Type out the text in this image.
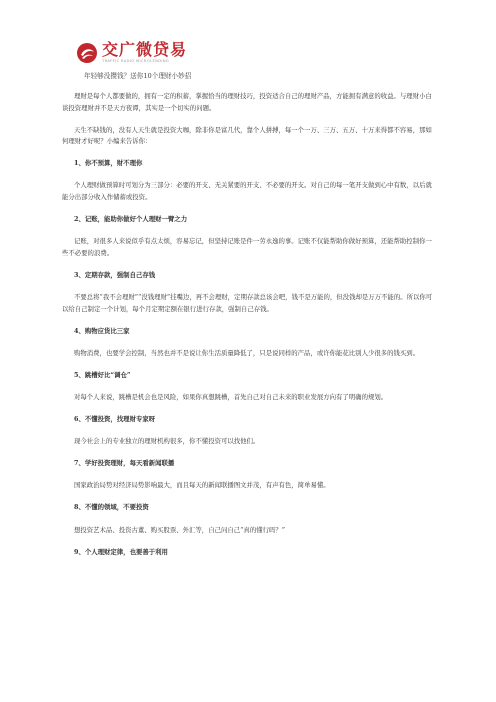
交广微贷易
TRAFFIC RADIO MICROLENDING
年轻够没攒钱？送你10个理财小妙招
理财是每个人都要做的，拥有一定的积蓄，掌握恰当的理财技巧，投资适合自己的理财产品，方能拥有满意的收益。与理财小白谈投资理财并不是天方夜谭，其实是一个切实的问题。
天生不缺钱的，没有人天生就是投资大咖，除非你是富几代，靠个人拼搏，每一个一万、三万、五万、十万来得都不容易，那如何理财才好呢？小编来告诉你：
1、你不预算，财不理你
个人理财做预算时可划分为三部分：必要的开支、无关紧要的开支、不必要的开支。对自己的每一笔开支做到心中有数，以后就能分出部分收入作储蓄或投资。
2、记账，能助你做好个人理财一臂之力
记账，对很多人来说似乎有点太烦，容易忘记，但坚持记账是件一劳永逸的事。记账不仅能帮助你做好预算，还能帮助控制你一些不必要的浪费。
3、定期存款，强制自己存钱
不要总将“我不会理财”“没钱理财”挂嘴边，再不会理财，定期存款总该会吧，钱不是万能的，但没钱却是万万不能的。所以你可以给自己制定一个计划，每个月定期定额在银行进行存款，强制自己存钱。
4、购物应货比三家
购物消费，也要学会控制，当然也并不是说让你生活质量降低了，只是说同样的产品，或许你能花比别人少很多的钱买到。
5、跳槽好比“调仓”
对每个人来说，跳槽是机会也是风险，如果你真想跳槽，首先自己对自己未来的职业发展方向有了明确的规划。
6、不懂投资，找理财专家呀
现今社会上的专业独立的理财机构很多，你不懂投资可以找他们。
7、学好投资理财，每天看新闻联播
国家政治局势对经济局势影响最大，而且每天的新闻联播图文并茂，有声有色，简单易懂。
8、不懂的领域，不要投资
想投资艺术品、投资古董、购买股票、外汇等，自己问自己“真的懂行吗？”
9、个人理财定律，也要善于利用
